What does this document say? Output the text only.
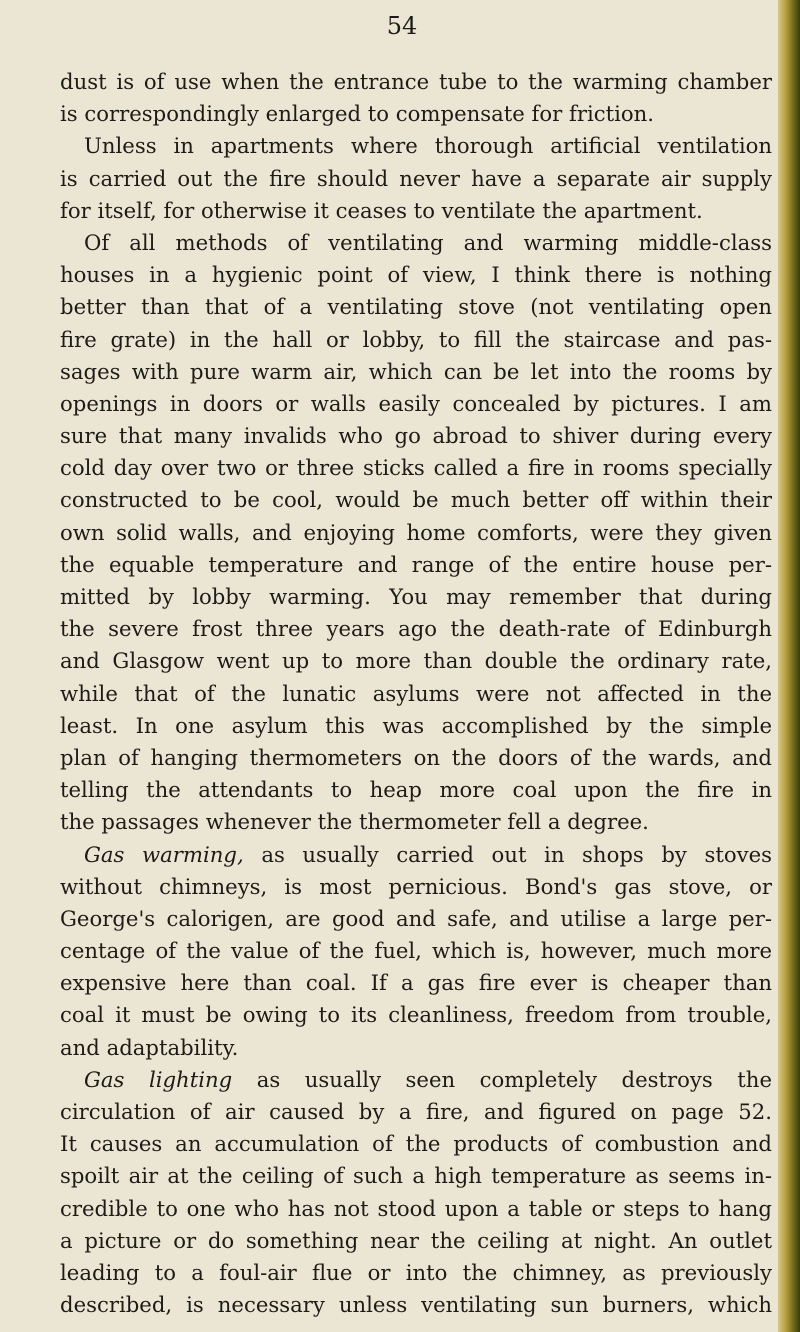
54
dust is of use when the entrance tube to the warming chamber
is correspondingly enlarged to compensate for friction.
Unless in apartments where thorough artificial ventilation
is carried out the fire should never have a separate air supply
for itself, for otherwise it ceases to ventilate the apartment.
Of all methods of ventilating and warming middle-class
houses in a hygienic point of view, I think there is nothing
better than that of a ventilating stove (not ventilating open
fire grate) in the hall or lobby, to fill the staircase and pas-
sages with pure warm air, which can be let into the rooms by
openings in doors or walls easily concealed by pictures. I am
sure that many invalids who go abroad to shiver during every
cold day over two or three sticks called a fire in rooms specially
constructed to be cool, would be much better off within their
own solid walls, and enjoying home comforts, were they given
the equable temperature and range of the entire house per-
mitted by lobby warming. You may remember that during
the severe frost three years ago the death-rate of Edinburgh
and Glasgow went up to more than double the ordinary rate,
while that of the lunatic asylums were not affected in the
least. In one asylum this was accomplished by the simple
plan of hanging thermometers on the doors of the wards, and
telling the attendants to heap more coal upon the fire in
the passages whenever the thermometer fell a degree.
Gas warming, as usually carried out in shops by stoves
without chimneys, is most pernicious. Bond's gas stove, or
George's calorigen, are good and safe, and utilise a large per-
centage of the value of the fuel, which is, however, much more
expensive here than coal. If a gas fire ever is cheaper than
coal it must be owing to its cleanliness, freedom from trouble,
and adaptability.
Gas lighting as usually seen completely destroys the
circulation of air caused by a fire, and figured on page 52.
It causes an accumulation of the products of combustion and
spoilt air at the ceiling of such a high temperature as seems in-
credible to one who has not stood upon a table or steps to hang
a picture or do something near the ceiling at night. An outlet
leading to a foul-air flue or into the chimney, as previously
described, is necessary unless ventilating sun burners, which
